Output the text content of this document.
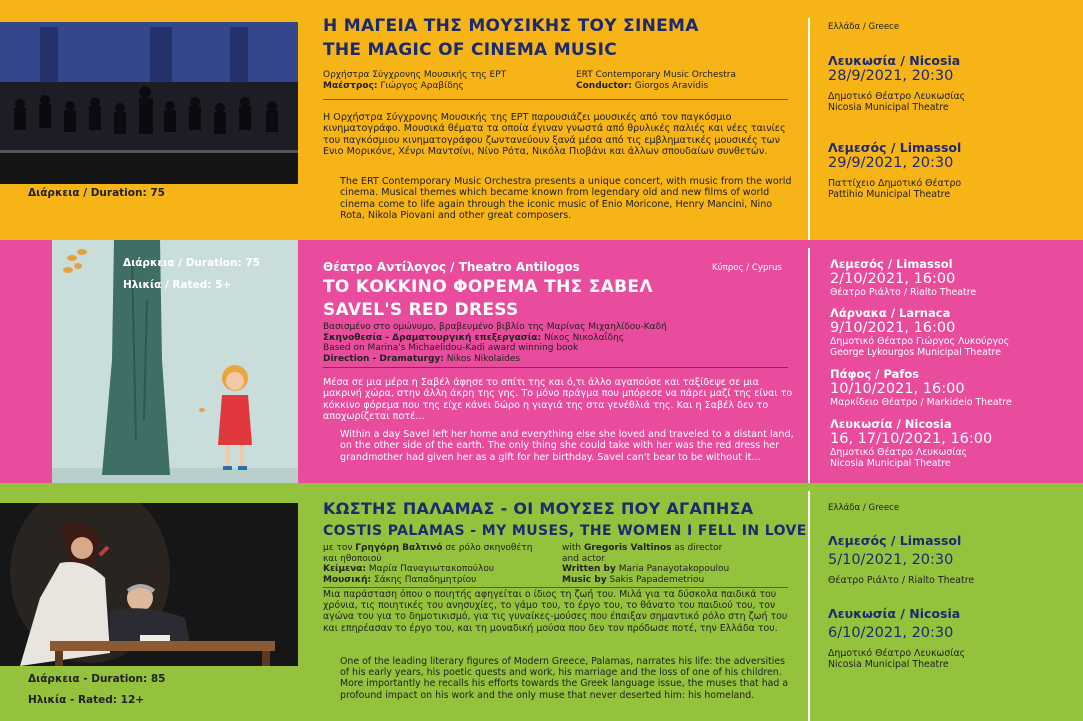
Διάρκεια / Duration: 75
Η ΜΑΓΕΙΑ ΤΗΣ ΜΟΥΣΙΚΗΣ ΤΟΥ ΣΙΝΕΜΑ
THE MAGIC OF CINEMA MUSIC
Ορχήστρα Σύγχρονης Μουσικής της ΕΡΤ
Μαέστρος: Γιώργος Αραβίδης
ERT Contemporary Music Orchestra
Conductor: Giorgos Aravidis
Η Ορχήστρα Σύγχρονης Μουσικής της ΕΡΤ παρουσιάζει μουσικές από τον παγκόσμιο κινηματογράφο. Μουσικά θέματα τα οποία έγιναν γνωστά από θρυλικές παλιές και νέες ταινίες του παγκόσμιου κινηματογράφου ζωντανεύουν ξανά μέσα από τις εμβληματικές μουσικές των Ενιο Μορικόνε, Χένρι Μαντσίνι, Νίνο Ρότα, Νικόλα Πιοβάνι και άλλων σπουδαίων συνθετών.
The ERT Contemporary Music Orchestra presents a unique concert, with music from the world cinema. Musical themes which became known from legendary old and new films of world cinema come to life again through the iconic music of Enio Moricone, Henry Mancini, Nino Rota, Nikola Piovani and other great composers.
Ελλάδα / Greece
Λευκωσία / Nicosia
28/9/2021, 20:30
Δημοτικό Θέατρο Λευκωσίας
Nicosia Municipal Theatre
Λεμεσός / Limassol
29/9/2021, 20:30
Παττίχειο Δημοτικό Θέατρο
Pattihio Municipal Theatre
Διάρκεια / Duration: 75
Ηλικία / Rated: 5+
Θέατρο Αντίλογος / Theatro Antilogos	Κύπρος / Cyprus
ΤΟ ΚΟΚΚΙΝΟ ΦΟΡΕΜΑ ΤΗΣ ΣΑΒΕΛ
SAVEL'S RED DRESS
Βασισμένο στο ομώνυμο, βραβευμένο βιβλίο της Μαρίνας Μιχαηλίδου-Καδή
Σκηνοθεσία - Δραματουργική επεξεργασία: Νίκος Νικολαΐδης
Based on Marina's Michaelidou-Kadi award winning book
Direction - Dramaturgy: Nikos Nikolaides
Μέσα σε μια μέρα η Σαβέλ άφησε το σπίτι της και ό,τι άλλο αγαπούσε και ταξίδεψε σε μια μακρινή χώρα, στην άλλη άκρη της γης. Το μόνο πράγμα που μπόρεσε να πάρει μαζί της είναι το κόκκινο φόρεμα που της είχε κάνει δώρο η γιαγιά της στα γενέθλιά της. Και η Σαβέλ δεν το αποχωρίζεται ποτέ...
Within a day Savel left her home and everything else she loved and traveled to a distant land, on the other side of the earth. The only thing she could take with her was the red dress her grandmother had given her as a gift for her birthday. Savel can't bear to be without it...
Λεμεσός / Limassol
2/10/2021, 16:00
Θέατρο Ριάλτο / Rialto Theatre
Λάρνακα / Larnaca
9/10/2021, 16:00
Δημοτικό Θέατρο Γιώργος Λυκούργος
George Lykourgos Municipal Theatre
Πάφος / Pafos
10/10/2021, 16:00
Μαρκίδειο Θέατρο / Markideio Theatre
Λευκωσία / Nicosia
16, 17/10/2021, 16:00
Δημοτικό Θέατρο Λευκωσίας
Nicosia Municipal Theatre
Διάρκεια - Duration: 85
Ηλικία - Rated: 12+
ΚΩΣΤΗΣ ΠΑΛΑΜΑΣ - ΟΙ ΜΟΥΣΕΣ ΠΟΥ ΑΓΑΠΗΣΑ
COSTIS PALAMAS - MY MUSES, THE WOMEN I FELL IN LOVE
με τον Γρηγόρη Βαλτινό σε ρόλο σκηνοθέτη
και ηθοποιού
Κείμενα: Μαρία Παναγιωτακοπούλου
Μουσική: Σάκης Παπαδημητρίου
with Gregoris Valtinos as director
and actor
Written by Maria Panayotakopoulou
Music by Sakis Papademetriou
Μια παράσταση όπου ο ποιητής αφηγείται ο ίδιος τη ζωή του. Μιλά για τα δύσκολα παιδικά του χρόνια, τις ποιητικές του ανησυχίες, το γάμο του, το έργο του, το θάνατο του παιδιού του, τον αγώνα του για το δημοτικισμό, για τις γυναίκες-μούσες που έπαιξαν σημαντικό ρόλο στη ζωή του και επηρέασαν το έργο του, και τη μοναδική μούσα που δεν τον πρόδωσε ποτέ, την Ελλάδα του.
One of the leading literary figures of Modern Greece, Palamas, narrates his life: the adversities of his early years, his poetic quests and work, his marriage and the loss of one of his children. More importantly he recalls his efforts towards the Greek language issue, the muses that had a profound impact on his work and the only muse that never deserted him: his homeland.
Ελλάδα / Greece
Λεμεσός / Limassol
5/10/2021, 20:30
Θέατρο Ριάλτο / Rialto Theatre
Λευκωσία / Nicosia
6/10/2021, 20:30
Δημοτικό Θέατρο Λευκωσίας
Nicosia Municipal Theatre
